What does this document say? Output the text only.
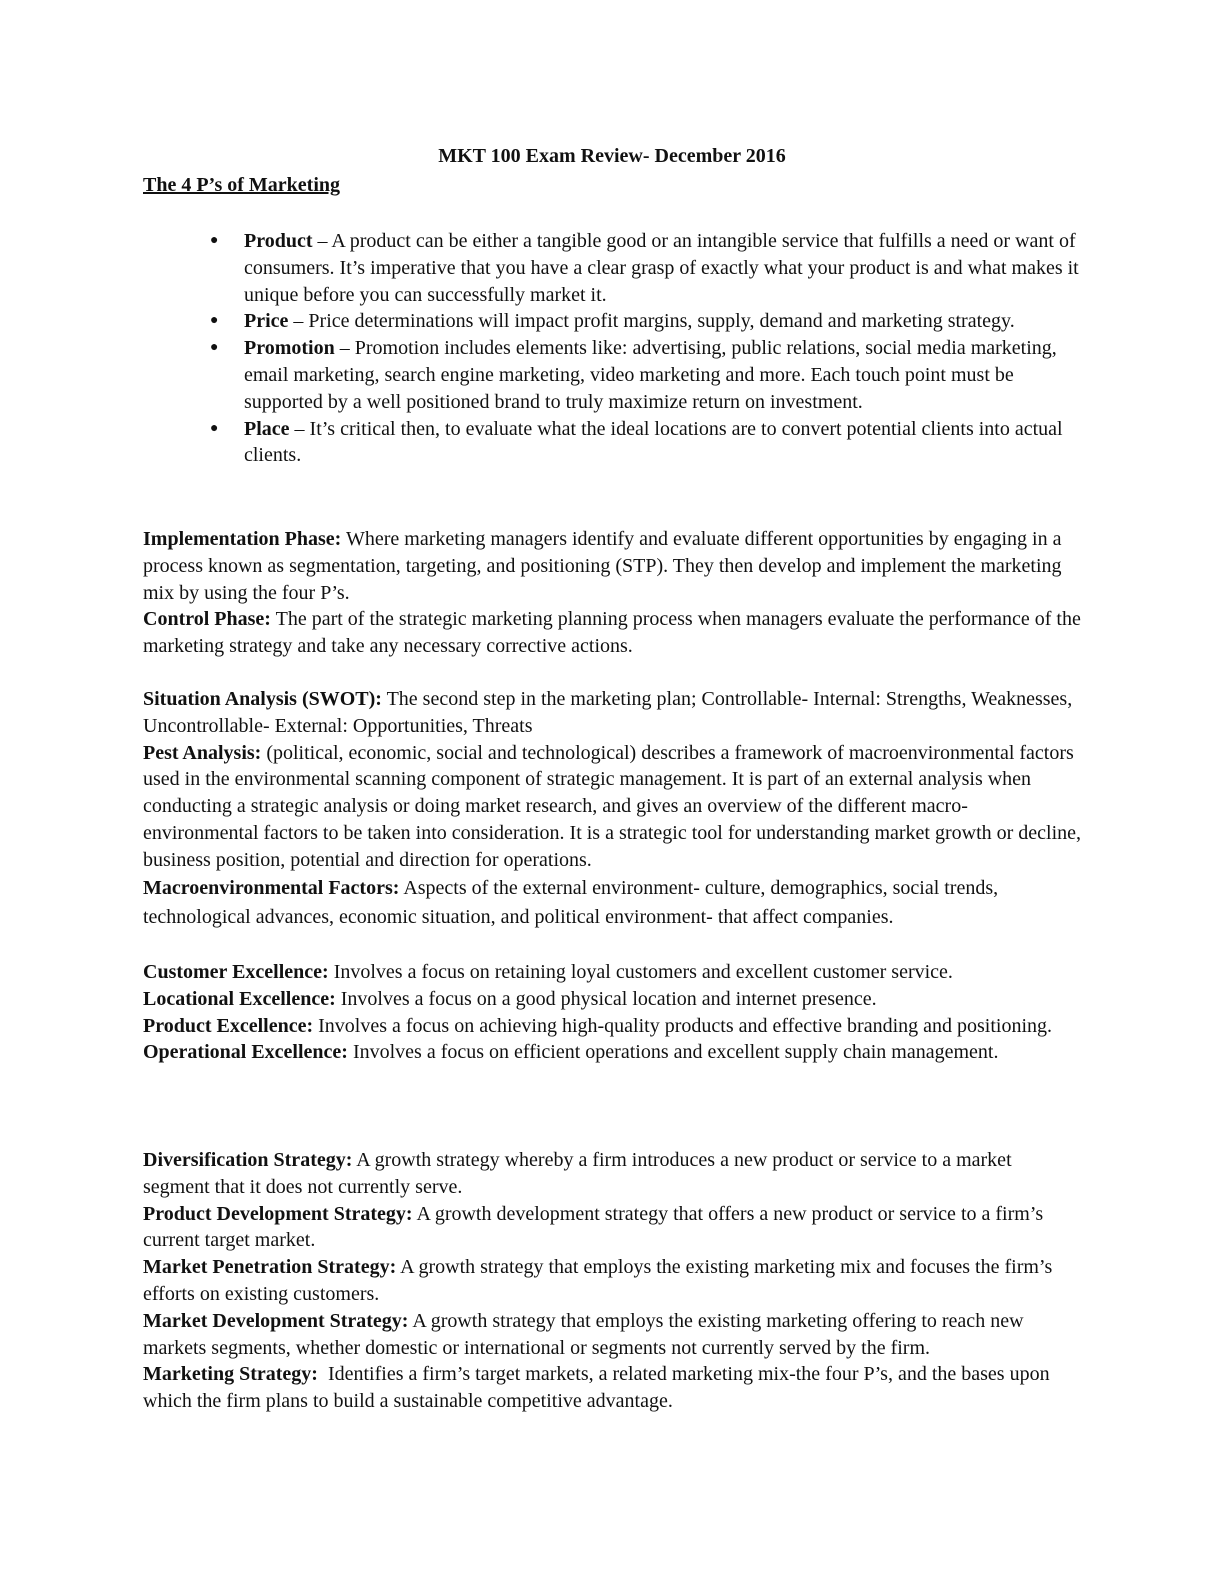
MKT 100 Exam Review- December 2016
The 4 P’s of Marketing
● Product – A product can be either a tangible good or an intangible service that fulfills a need or want of consumers. It’s imperative that you have a clear grasp of exactly what your product is and what makes it unique before you can successfully market it.
● Price – Price determinations will impact profit margins, supply, demand and marketing strategy.
● Promotion – Promotion includes elements like: advertising, public relations, social media marketing, email marketing, search engine marketing, video marketing and more. Each touch point must be supported by a well positioned brand to truly maximize return on investment.
● Place – It’s critical then, to evaluate what the ideal locations are to convert potential clients into actual clients.

Implementation Phase: Where marketing managers identify and evaluate different opportunities by engaging in a process known as segmentation, targeting, and positioning (STP). They then develop and implement the marketing mix by using the four P’s.

Control Phase: The part of the strategic marketing planning process when managers evaluate the performance of the marketing strategy and take any necessary corrective actions.

Situation Analysis (SWOT): The second step in the marketing plan; Controllable- Internal: Strengths, Weaknesses, Uncontrollable- External: Opportunities, Threats

Pest Analysis: (political, economic, social and technological) describes a framework of macroenvironmental factors used in the environmental scanning component of strategic management. It is part of an external analysis when conducting a strategic analysis or doing market research, and gives an overview of the different macro-environmental factors to be taken into consideration. It is a strategic tool for understanding market growth or decline, business position, potential and direction for operations.

Macroenvironmental Factors: Aspects of the external environment- culture, demographics, social trends, technological advances, economic situation, and political environment- that affect companies.

Customer Excellence: Involves a focus on retaining loyal customers and excellent customer service.

Locational Excellence: Involves a focus on a good physical location and internet presence.

Product Excellence: Involves a focus on achieving high-quality products and effective branding and positioning.

Operational Excellence: Involves a focus on efficient operations and excellent supply chain management.

Diversification Strategy: A growth strategy whereby a firm introduces a new product or service to a market segment that it does not currently serve.

Product Development Strategy: A growth development strategy that offers a new product or service to a firm’s current target market.

Market Penetration Strategy: A growth strategy that employs the existing marketing mix and focuses the firm’s efforts on existing customers.

Market Development Strategy: A growth strategy that employs the existing marketing offering to reach new markets segments, whether domestic or international or segments not currently served by the firm.

Marketing Strategy:  Identifies a firm’s target markets, a related marketing mix-the four P’s, and the bases upon which the firm plans to build a sustainable competitive advantage.
